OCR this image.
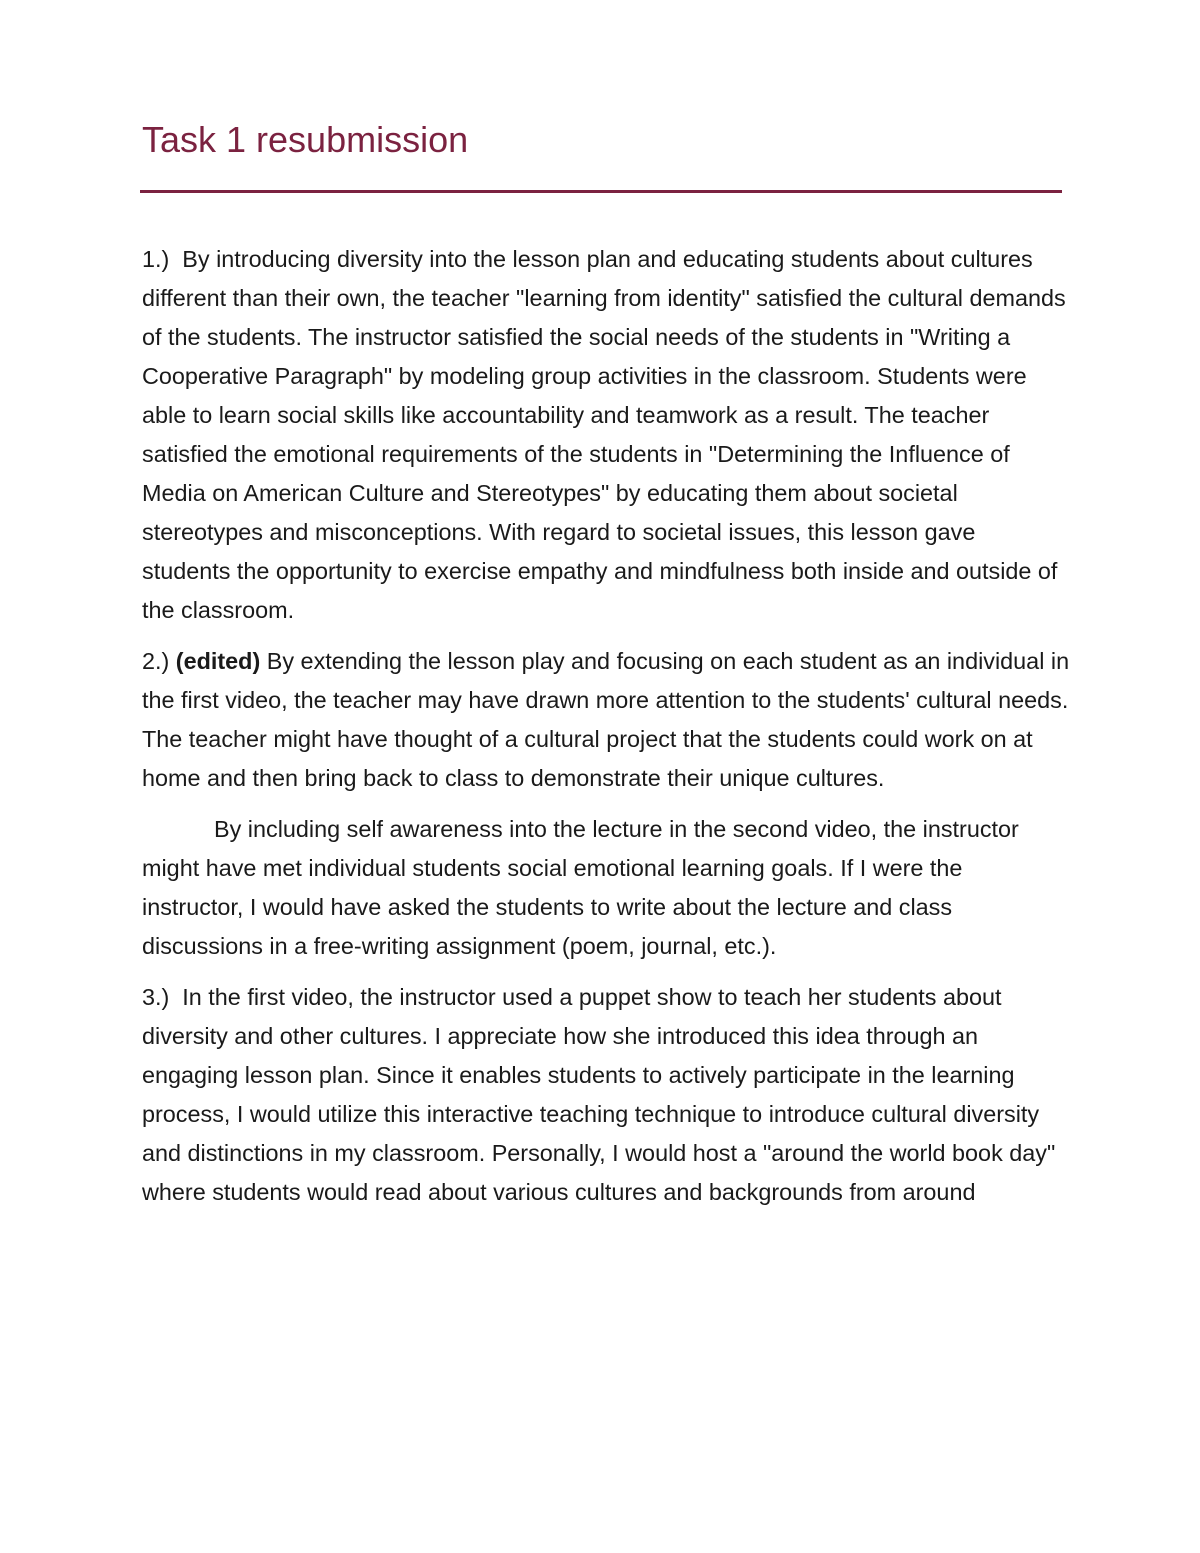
Task 1 resubmission

1.) By introducing diversity into the lesson plan and educating students about cultures different than their own, the teacher "learning from identity" satisfied the cultural demands of the students. The instructor satisfied the social needs of the students in "Writing a Cooperative Paragraph" by modeling group activities in the classroom. Students were able to learn social skills like accountability and teamwork as a result. The teacher satisfied the emotional requirements of the students in "Determining the Influence of Media on American Culture and Stereotypes" by educating them about societal stereotypes and misconceptions. With regard to societal issues, this lesson gave students the opportunity to exercise empathy and mindfulness both inside and outside of the classroom.

2.) (edited) By extending the lesson play and focusing on each student as an individual in the first video, the teacher may have drawn more attention to the students' cultural needs. The teacher might have thought of a cultural project that the students could work on at home and then bring back to class to demonstrate their unique cultures.

By including self awareness into the lecture in the second video, the instructor might have met individual students social emotional learning goals. If I were the instructor, I would have asked the students to write about the lecture and class discussions in a free-writing assignment (poem, journal, etc.).

3.) In the first video, the instructor used a puppet show to teach her students about diversity and other cultures. I appreciate how she introduced this idea through an engaging lesson plan. Since it enables students to actively participate in the learning process, I would utilize this interactive teaching technique to introduce cultural diversity and distinctions in my classroom. Personally, I would host a "around the world book day" where students would read about various cultures and backgrounds from around
